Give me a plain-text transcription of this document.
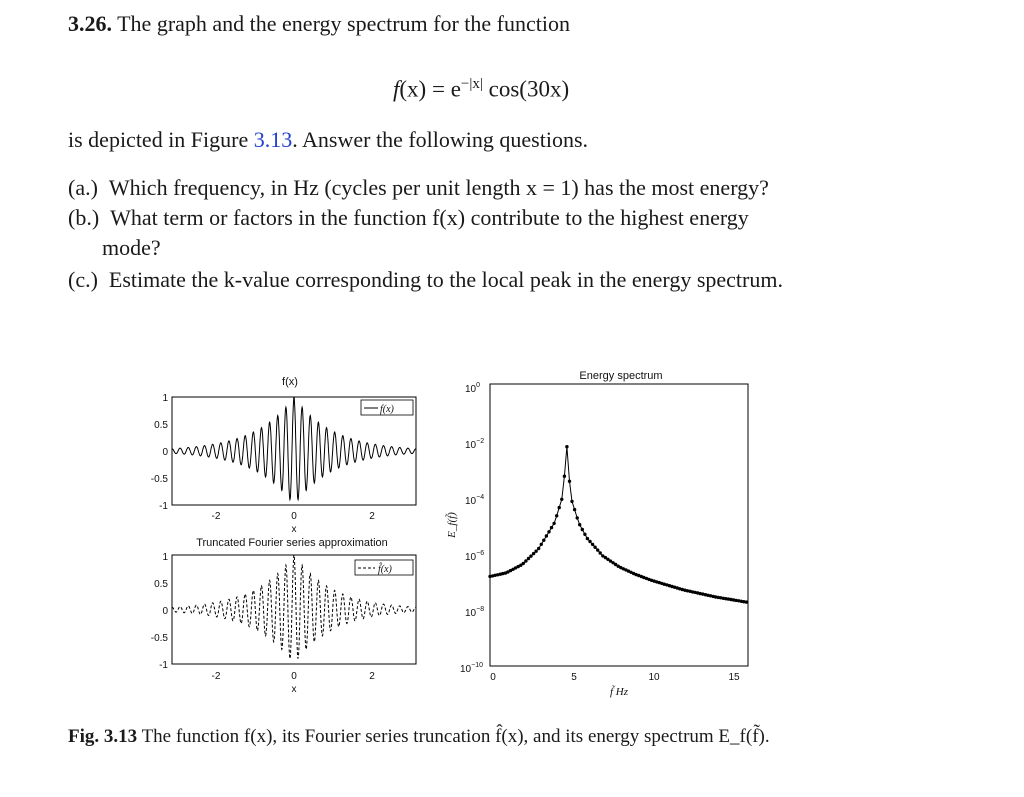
3.26. The graph and the energy spectrum for the function
$f(x) = e^{-|x|}$ cos(30x)
is depicted in Figure 3.13. Answer the following questions.
(a.) Which frequency, in Hz (cycles per unit length x = 1) has the most energy?
(b.) What term or factors in the function f(x) contribute to the highest energy
mode?
(c.) Estimate the k-value corresponding to the local peak in the energy spectrum.
f(x)
f(x)
1
0.5
0
-0.5
-1
-2	0	2
x
Truncated Fourier series approximation
f̂(x)
1
0.5
0
-0.5
-1
-2	0	2
x
Energy spectrum
$10^0$
$10^{-2}$
$10^{-4}$
$10^{-6}$
$10^{-8}$
$10^{-10}$
0	5	10	15
f̃ Hz
E_f(f̃)
Fig. 3.13 The function f(x), its Fourier series truncation f̂(x), and its energy spectrum E_f(f̃).
